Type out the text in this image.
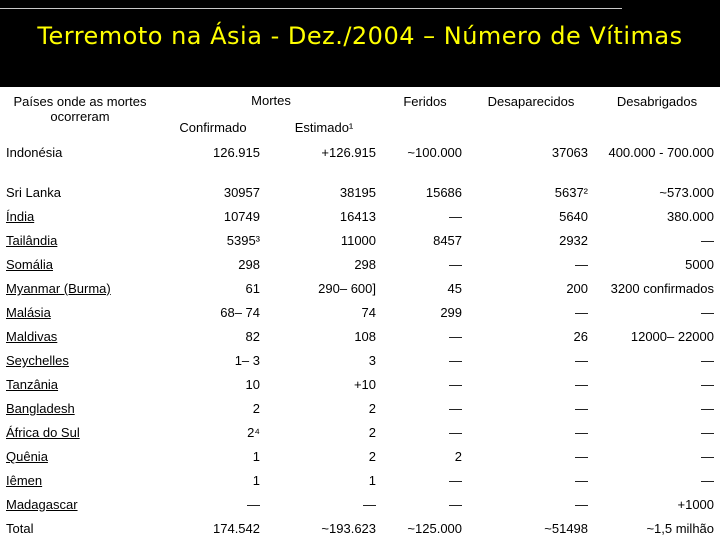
Terremoto na Ásia - Dez./2004 – Número de Vítimas
Países onde as mortes ocorreram	Mortes		Feridos	Desaparecidos	Desabrigados
	Confirmado	Estimado¹			
Indonésia	126.915	+126.915	~100.000	37063	400.000 - 700.000
Sri Lanka	30957	38195	15686	5637²	~573.000
Índia	10749	16413	—	5640	380.000
Tailândia	5395³	11000	8457	2932	—
Somália	298	298	—	—	5000
Myanmar (Burma)	61	290– 600]	45	200	3200 confirmados
Malásia	68– 74	74	299	—	—
Maldivas	82	108	—	26	12000– 22000
Seychelles	1– 3	3	—	—	—
Tanzânia	10	+10	—	—	—
Bangladesh	2	2	—	—	—
África do Sul	2⁴	2	—	—	—
Quênia	1	2	2	—	—
Iêmen	1	1	—	—	—
Madagascar	—	—	—	—	+1000
Total	174.542	~193.623	~125.000	~51498	~1,5 milhão
